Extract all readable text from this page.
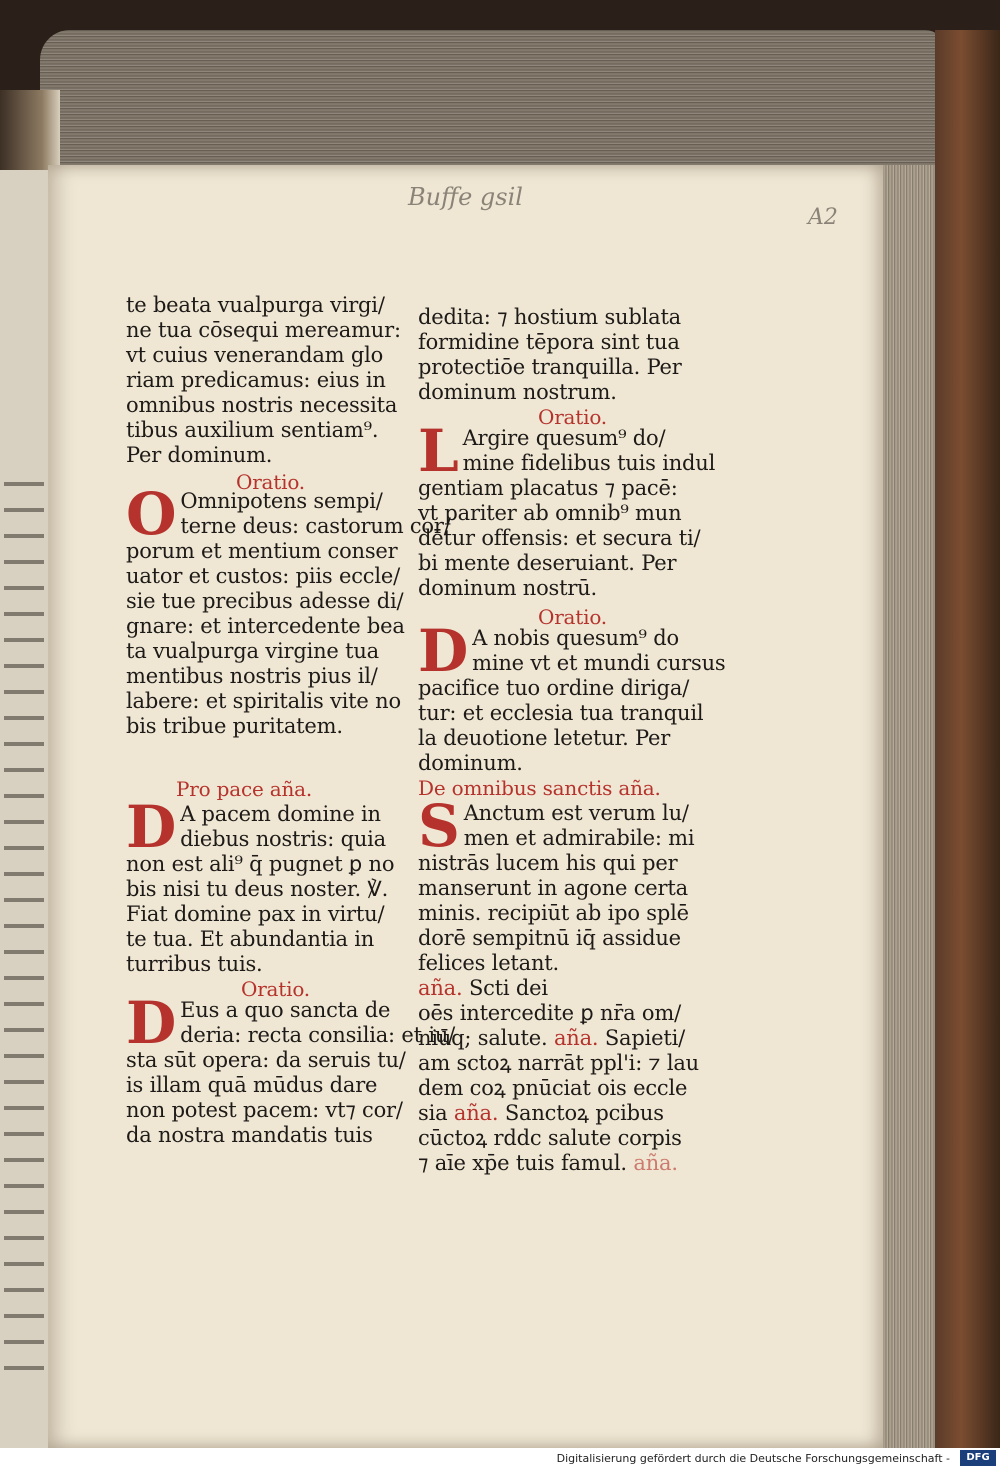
Buffe gsil
A2

te beata vualpurga virgi/

ne tua cōsequi mereamur:

vt cuius venerandam glo

riam predicamus: eius in

omnibus nostris necessita

tibus auxilium sentiam⁹.

Per dominum.

Oratio.

O Omnipotens sempi/

terne deus: castorum cor/

porum et mentium conser

uator et custos: piis eccle/

sie tue precibus adesse di/

gnare: et intercedente bea

ta vualpurga virgine tua

mentibus nostris pius il/

labere: et spiritalis vite no

bis tribue puritatem.

Pro pace aña.

D A pacem domine in

diebus nostris: quia

non est ali⁹ q̄ pugnet ꝑ no

bis nisi tu deus noster. ℣.

Fiat domine pax in virtu/

te tua. Et abundantia in

turribus tuis.

Oratio.

D Eus a quo sancta de

deria: recta consilia: et iu/

sta sūt opera: da seruis tu/

is illam quā mūdus dare

non potest pacem: vt⁊ cor/

da nostra mandatis tuis

dedita: ⁊ hostium sublata

formidine tēpora sint tua

protectiōe tranquilla. Per

dominum nostrum.

Oratio.

L Argire quesum⁹ do/

mine fidelibus tuis indul

gentiam placatus ⁊ pacē:

vt pariter ab omnib⁹ mun

dētur offensis: et secura ti/

bi mente deseruiant. Per

dominum nostrū.

Oratio.

D A nobis quesum⁹ do

mine vt et mundi cursus

pacifice tuo ordine diriga/

tur: et ecclesia tua tranquil

la deuotione letetur. Per

dominum.

De omnibus sanctis aña.

S Anctum est verum lu/

men et admirabile: mi

nistrās lucem his qui per

manserunt in agone certa

minis. recipiūt ab ipo splē

dorē sempitnū iq̄ assidue

felices letant.

aña. Scti dei

oēs intercedite ꝑ nr̄a om/

niūq; salute. aña. Sapieti/

am sctoꝝ narrāt ppl'i: ⁊ lau

dem coꝝ pnūciat ois eccle

sia aña. Sanctoꝝ pcibus

cūctoꝝ rddc salute corpis

⁊ aīe xp̄e tuis famul. aña.

Digitalisierung gefördert durch die Deutsche Forschungsgemeinschaft -	DFG
